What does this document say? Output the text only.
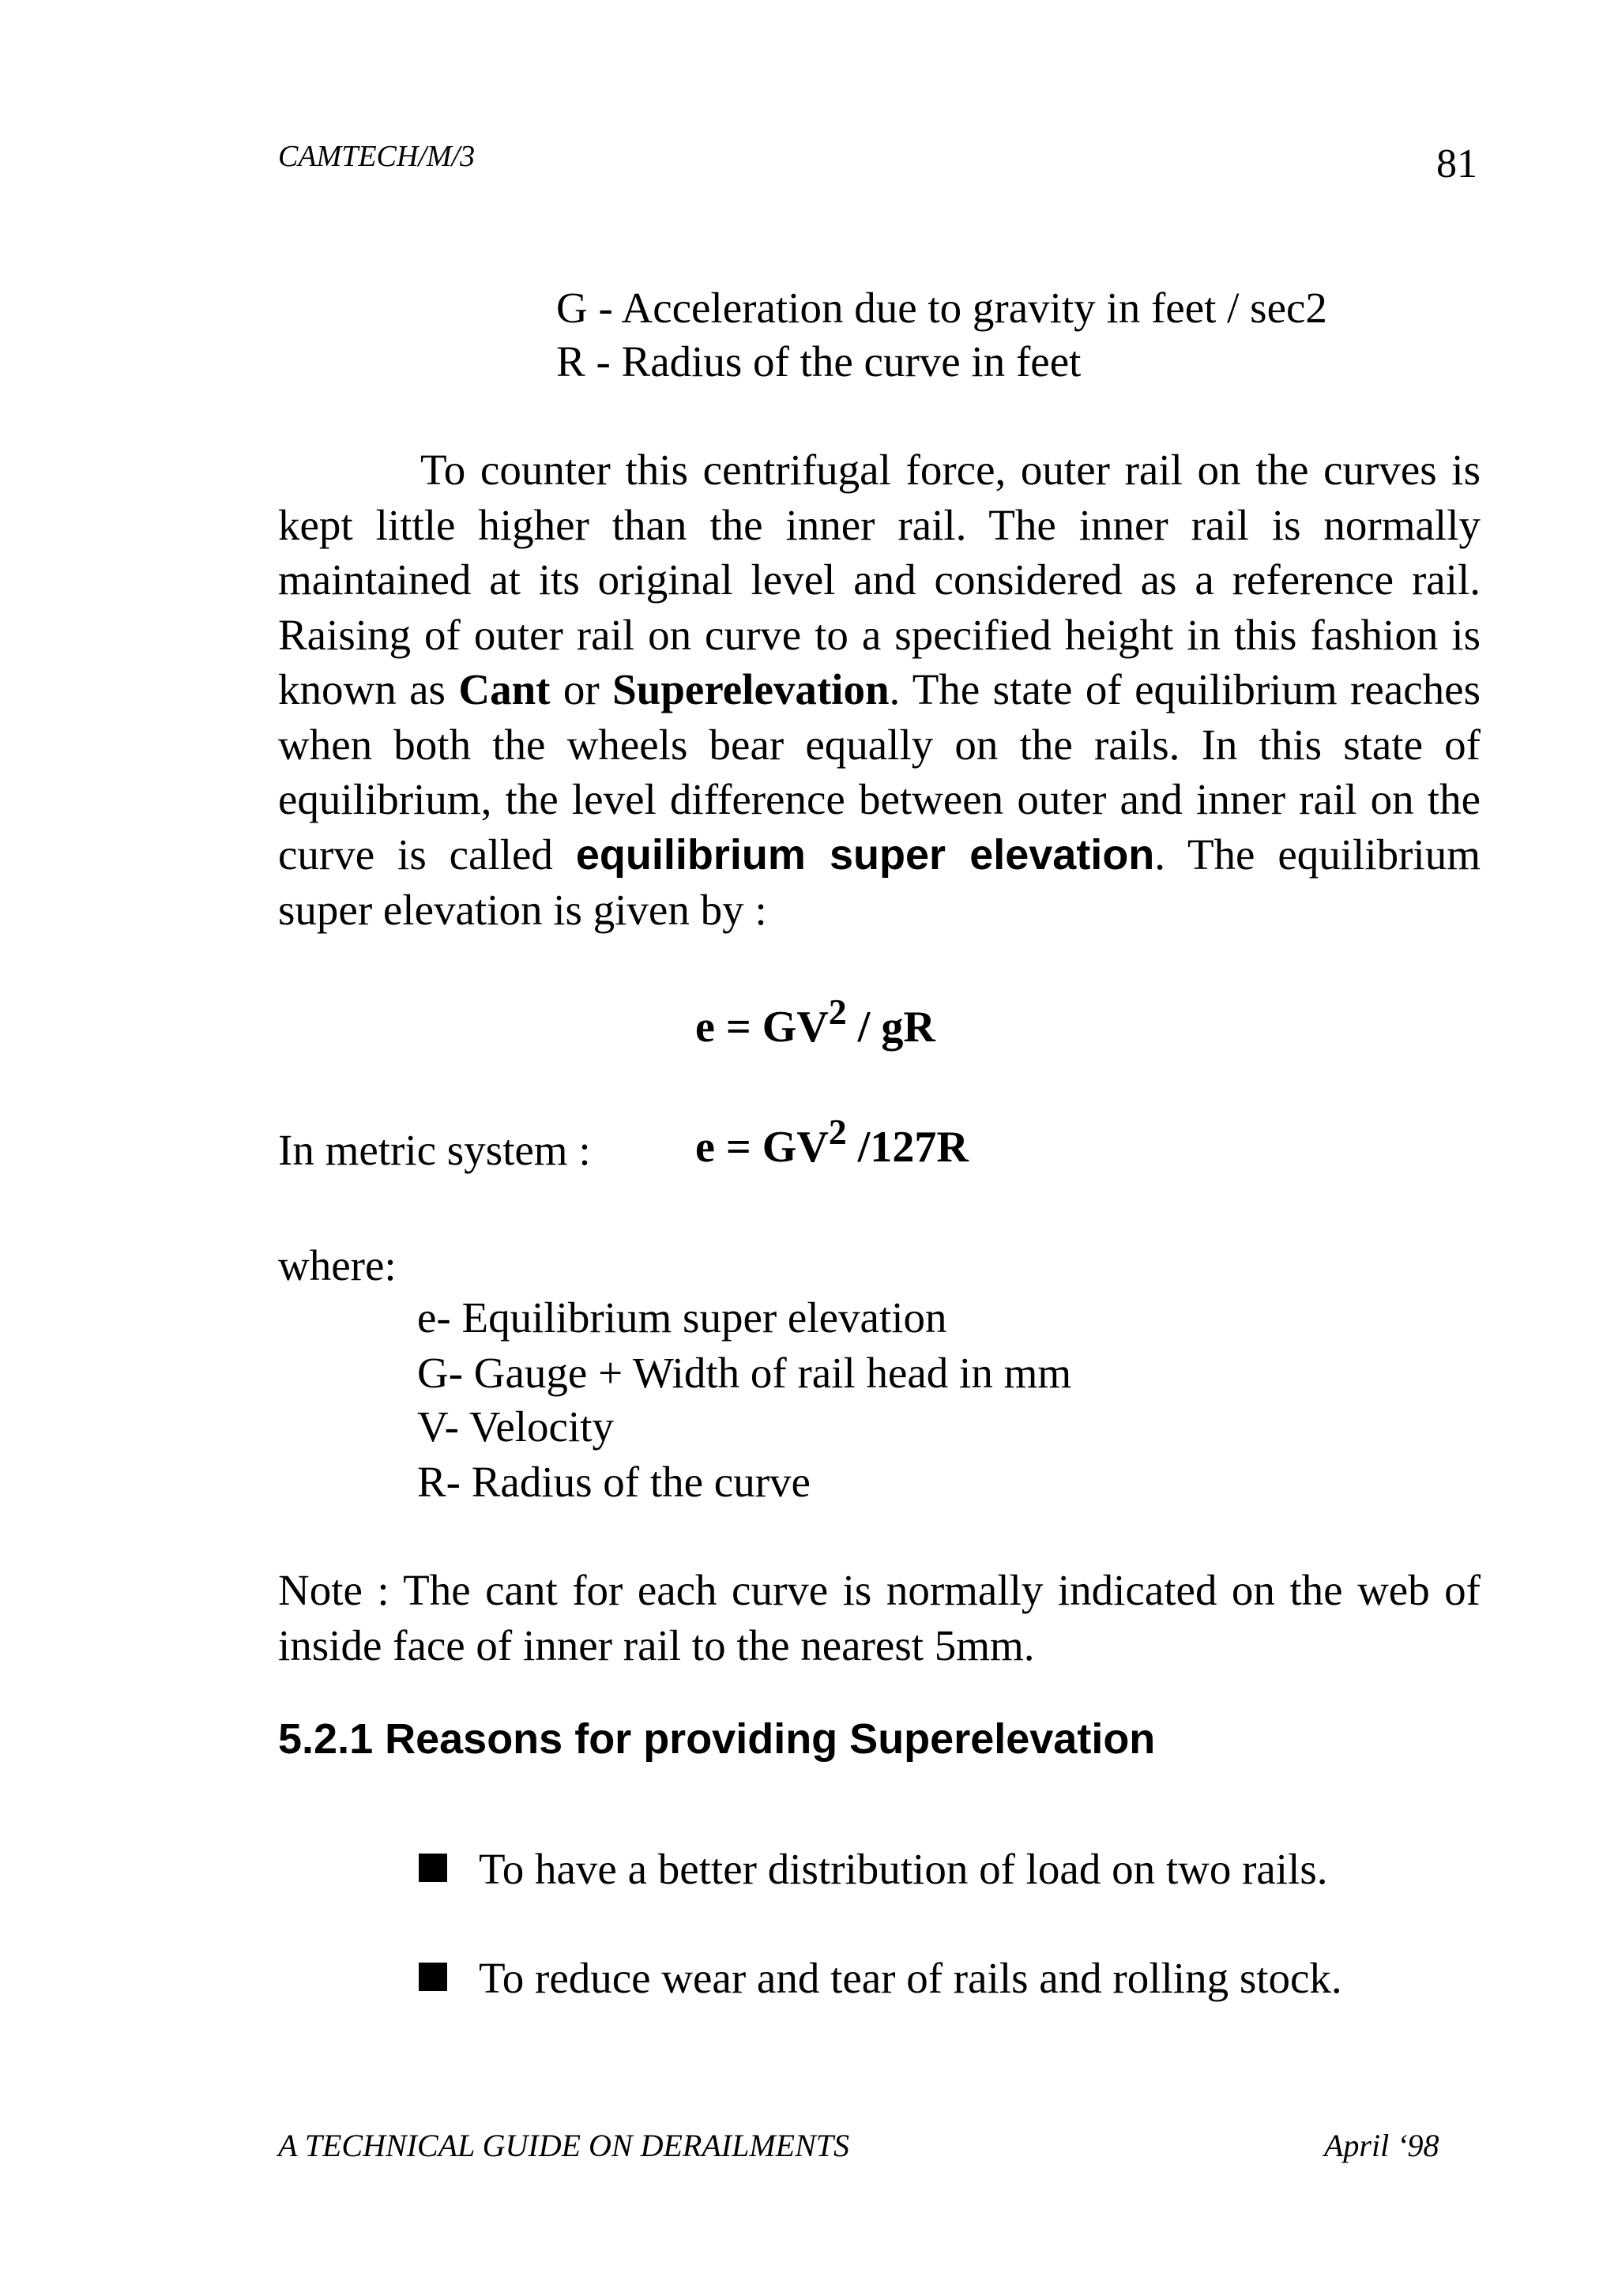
CAMTECH/M/3	81
G - Acceleration due to gravity in feet / sec2
R - Radius of the curve in feet

To counter this centrifugal force, outer rail on the curves is kept little higher than the inner rail. The inner rail is normally maintained at its original level and considered as a reference rail. Raising of outer rail on curve to a specified height in this fashion is known as Cant or Superelevation. The state of equilibrium reaches when both the wheels bear equally on the rails. In this state of equilibrium, the level difference between outer and inner rail on the curve is called equilibrium super elevation. The equilibrium super elevation is given by :

$e = GV^2$ / gR
In metric system : $e = GV^2$ /127R
where:
e- Equilibrium super elevation
G- Gauge + Width of rail head in mm
V- Velocity
R- Radius of the curve

Note : The cant for each curve is normally indicated on the web of inside face of inner rail to the nearest 5mm.

5.2.1 Reasons for providing Superelevation
To have a better distribution of load on two rails.
To reduce wear and tear of rails and rolling stock.
A TECHNICAL GUIDE ON DERAILMENTS	April ‘98
